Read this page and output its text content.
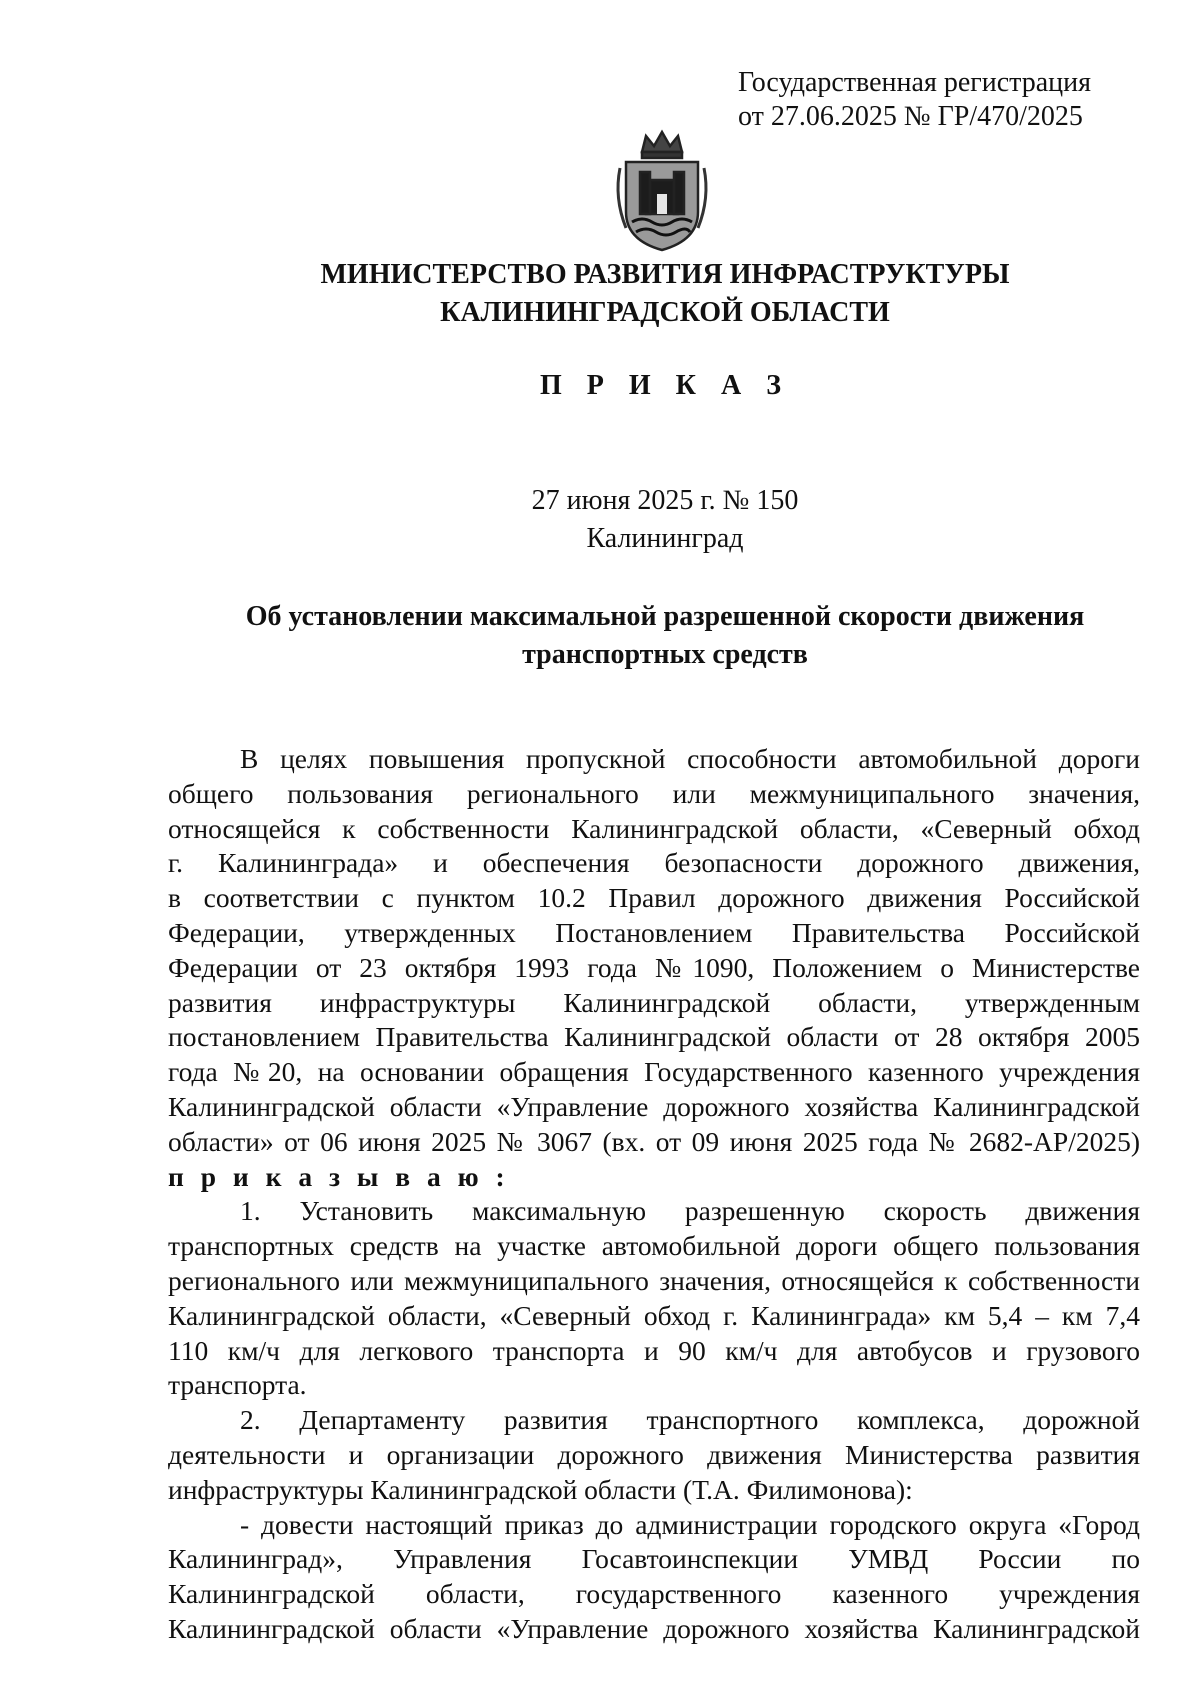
Государственная регистрация
от 27.06.2025 № ГР/470/2025
МИНИСТЕРСТВО РАЗВИТИЯ ИНФРАСТРУКТУРЫ
КАЛИНИНГРАДСКОЙ ОБЛАСТИ
П Р И К А З
27 июня 2025 г. № 150
Калининград
Об установлении максимальной разрешенной скорости движения
транспортных средств
В целях повышения пропускной способности автомобильной дороги
общего пользования регионального или межмуниципального значения,
относящейся к собственности Калининградской области, «Северный обход
г. Калининграда» и обеспечения безопасности дорожного движения,
в соответствии с пунктом 10.2 Правил дорожного движения Российской
Федерации, утвержденных Постановлением Правительства Российской
Федерации от 23 октября 1993 года №1090, Положением о Министерстве
развития инфраструктуры Калининградской области, утвержденным
постановлением Правительства Калининградской области от 28 октября 2005
года №20, на основании обращения Государственного казенного учреждения
Калининградской области «Управление дорожного хозяйства Калининградской
области» от 06 июня 2025 № 3067 (вх. от 09 июня 2025 года № 2682-АР/2025)
п р и к а з ы в а ю :
1. Установить максимальную разрешенную скорость движения
транспортных средств на участке автомобильной дороги общего пользования
регионального или межмуниципального значения, относящейся к собственности
Калининградской области, «Северный обход г. Калининграда» км 5,4 – км 7,4
110 км/ч для легкового транспорта и 90 км/ч для автобусов и грузового
транспорта.
2. Департаменту развития транспортного комплекса, дорожной
деятельности и организации дорожного движения Министерства развития
инфраструктуры Калининградской области (Т.А. Филимонова):
- довести настоящий приказ до администрации городского округа «Город
Калининград», Управления Госавтоинспекции УМВД России по
Калининградской области, государственного казенного учреждения
Калининградской области «Управление дорожного хозяйства Калининградской
